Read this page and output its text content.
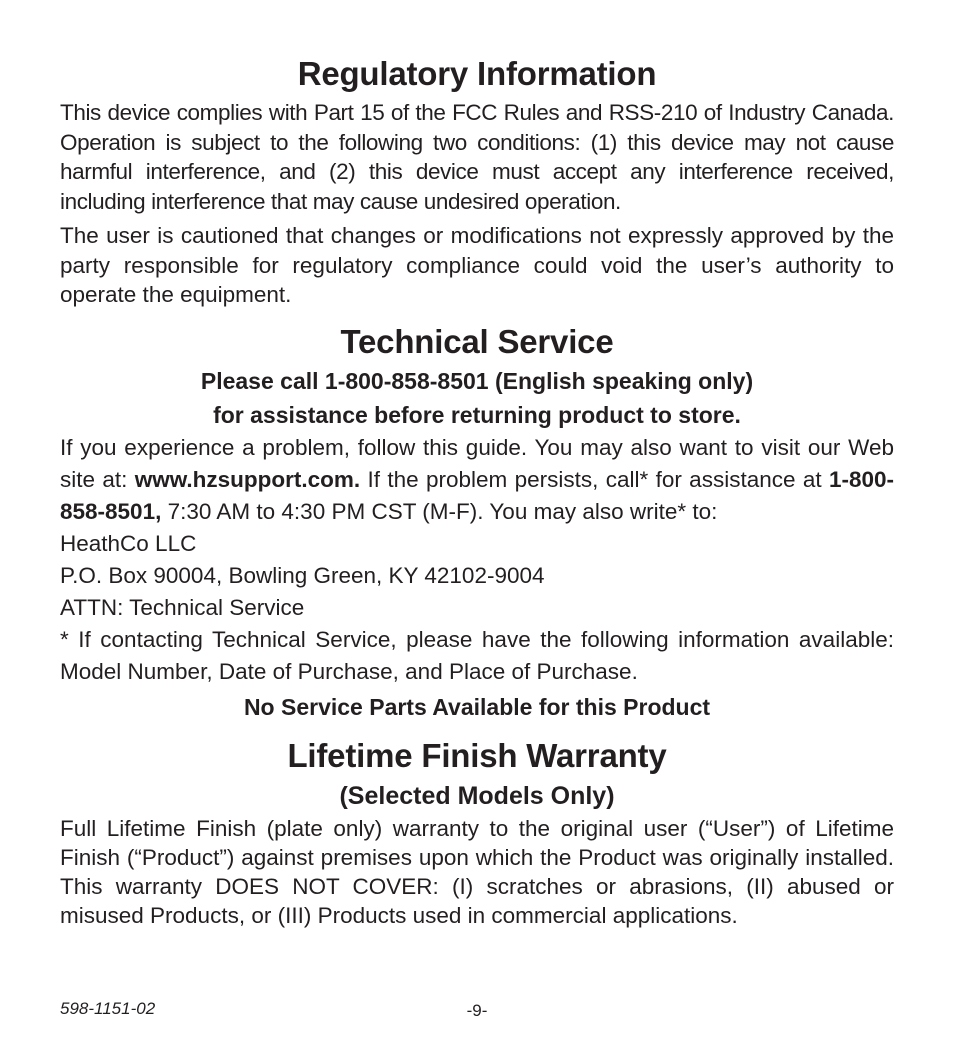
Regulatory Information

This device complies with Part 15 of the FCC Rules and RSS-210 of Industry Canada. Operation is subject to the following two conditions: (1) this device may not cause harmful interference, and (2) this device must accept any interference received, including interference that may cause undesired operation.

The user is cautioned that changes or modifications not expressly approved by the party responsible for regulatory compliance could void the user’s authority to operate the equipment.

Technical Service
Please call 1-800-858-8501 (English speaking only)
for assistance before returning product to store.

If you experience a problem, follow this guide. You may also want to visit our Web site at: www.hzsupport.com. If the problem persists, call* for assistance at 1-800-858-8501, 7:30 AM to 4:30 PM CST (M-F). You may also write* to:

HeathCo LLC
P.O. Box 90004, Bowling Green, KY 42102-9004
ATTN: Technical Service

* If contacting Technical Service, please have the following information available: Model Number, Date of Purchase, and Place of Purchase.

No Service Parts Available for this Product
Lifetime Finish Warranty
(Selected Models Only)

Full Lifetime Finish (plate only) warranty to the original user (“User”) of Lifetime Finish (“Product”) against premises upon which the Product was originally installed. This warranty DOES NOT COVER: (I) scratches or abrasions, (II) abused or misused Products, or (III) Products used in commercial applications.

598-1151-02	-9-
